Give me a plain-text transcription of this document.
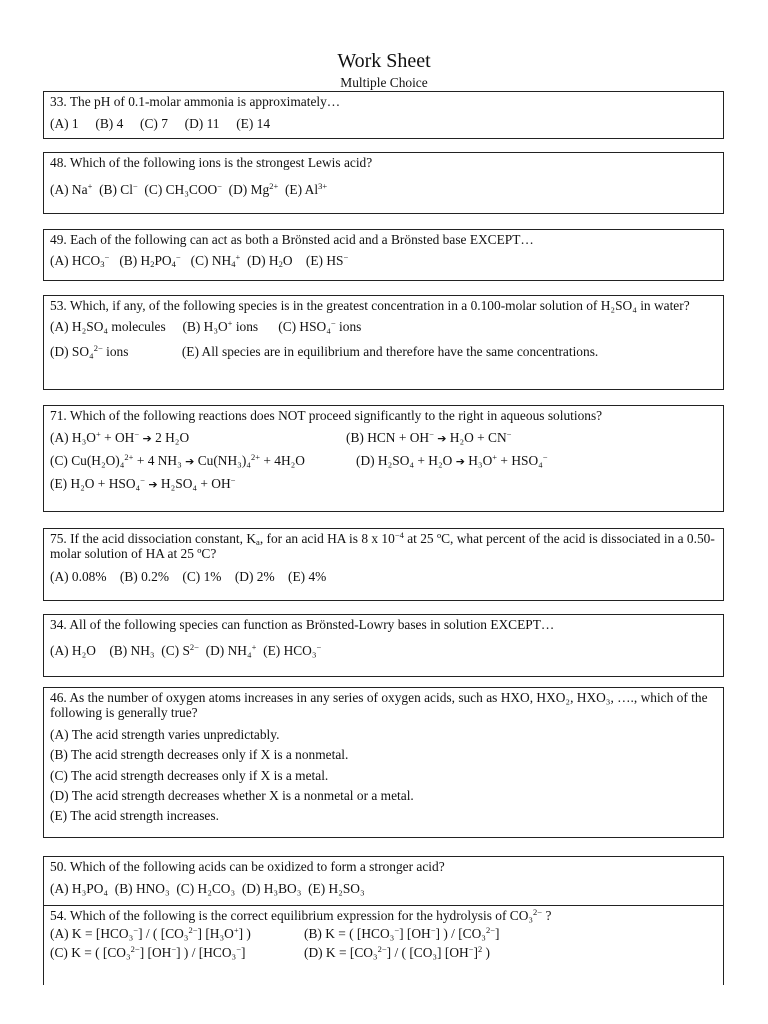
Work Sheet
Multiple Choice
33. The pH of 0.1-molar ammonia is approximately…
(A) 1     (B) 4     (C) 7     (D) 11     (E) 14
48. Which of the following ions is the strongest Lewis acid?
(A) Na+ (B) Cl− (C) CH₃COO− (D) $Mg^{2+}$ (E) $Al^{3+}$
49. Each of the following can act as both a Brönsted acid and a Brönsted base EXCEPT…
(A) $HCO_3^-$ (B) $H_2PO_4^-$ (C) $NH_4^+$ (D) $H_2O$ (E) HS−
53. Which, if any, of the following species is in the greatest concentration in a 0.100-molar solution of H₂SO₄ in water?
(A) H₂SO₄ molecules (B) H₃O+ ions (C) HSO₄− ions
(D) SO₄$^{2-}$ ions	(E) All species are in equilibrium and therefore have the same concentrations.
71. Which of the following reactions does NOT proceed significantly to the right in aqueous solutions?
(A) H₃O+ + OH− ➔ 2 H₂O	(B) HCN + OH− ➔ H₂O + CN−
(C) Cu(H₂O)₄$^{2+}$ + 4 NH₃ ➔ Cu(NH₃)₄$^{2+}$ + 4H₂O	(D) H₂SO₄ + H₂O ➔ H₃O+ + HSO₄−
(E) H₂O + HSO₄− ➔ H₂SO₄ + OH−
75. If the acid dissociation constant, $K_a$, for an acid HA is 8 x $10^{-4}$ at 25 ºC, what percent of the acid is dissociated in a 0.50-molar solution of HA at 25 ºC?
(A) 0.08%    (B) 0.2%    (C) 1%    (D) 2%    (E) 4%
34. All of the following species can function as Brönsted-Lowry bases in solution EXCEPT…
(A) H₂O (B) NH₃ (C) $S^{2-}$ (D) NH₄+ (E) HCO₃−
46. As the number of oxygen atoms increases in any series of oxygen acids, such as HXO, HXO₂, HXO₃, …., which of the following is generally true?
(A) The acid strength varies unpredictably.
(B) The acid strength decreases only if X is a nonmetal.
(C) The acid strength decreases only if X is a metal.
(D) The acid strength decreases whether X is a nonmetal or a metal.
(E) The acid strength increases.
50. Which of the following acids can be oxidized to form a stronger acid?
(A) H₃PO₄  (B) HNO₃  (C) H₂CO₃  (D) H₃BO₃  (E) H₂SO₃
54. Which of the following is the correct equilibrium expression for the hydrolysis of CO₃$^{2-}$ ?
(A) K = [HCO₃−] / ( [CO₃$^{2-}$] [H₃O+] )	(B) K = ( [HCO₃−] [OH−] ) / [CO₃$^{2-}$]
(C) K = ( [CO₃$^{2-}$] [OH−] ) / [HCO₃−]	(D) K = [CO₃$^{2-}$] / ( [CO₃] $[OH^-]^2$ )
